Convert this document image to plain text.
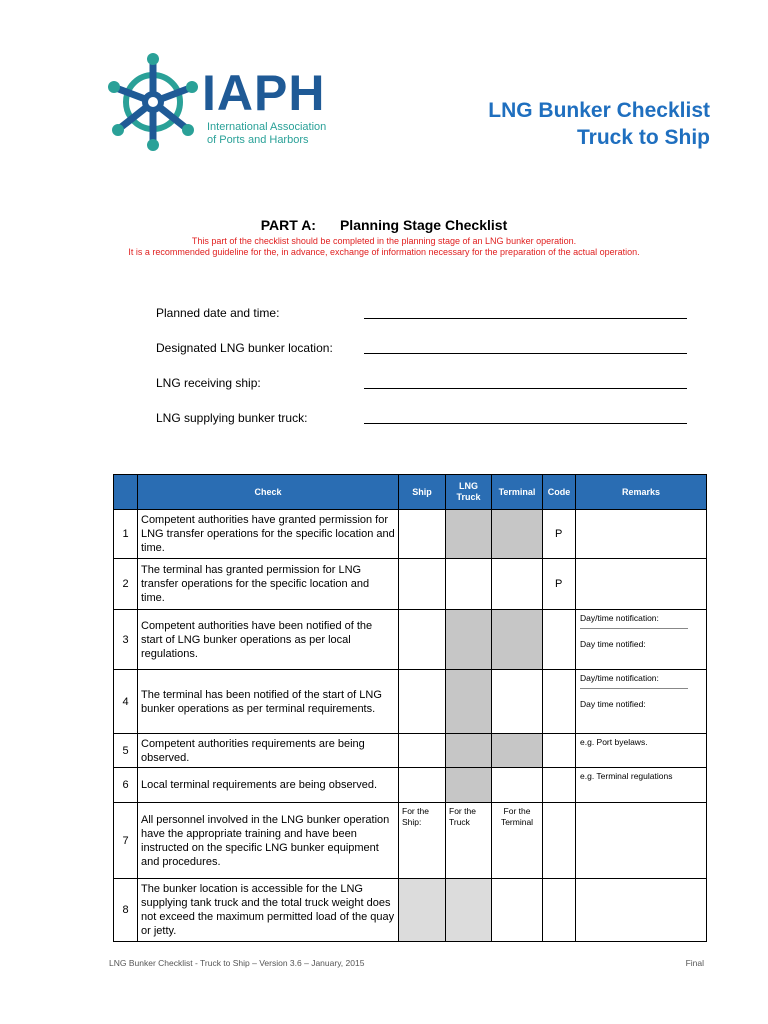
IAPH
International Association
of Ports and Harbors
LNG Bunker Checklist
Truck to Ship
PART A: Planning Stage Checklist
This part of the checklist should be completed in the planning stage of an LNG bunker operation.
It is a recommended guideline for the, in advance, exchange of information necessary for the preparation of the actual operation.
Planned date and time:
Designated LNG bunker location:
LNG receiving ship:
LNG supplying bunker truck:
	Check	Ship	LNG Truck	Terminal	Code	Remarks
1	Competent authorities have granted permission for LNG transfer operations for the specific location and time.				P	
2	The terminal has granted permission for LNG transfer operations for the specific location and time.				P	
3	Competent authorities have been notified of the start of LNG bunker operations as per local regulations.					Day/time notification:
Day time notified:

4	The terminal has been notified of the start of LNG bunker operations as per terminal requirements.					Day/time notification:
Day time notified:

5	Competent authorities requirements are being observed.					e.g. Port byelaws.
6	Local terminal requirements are being observed.					e.g. Terminal regulations
7	All personnel involved in the LNG bunker operation have the appropriate training and have been instructed on the specific LNG bunker equipment and procedures.	For the Ship:	For the Truck	For the Terminal		
8	The bunker location is accessible for the LNG supplying tank truck and the total truck weight does not exceed the maximum permitted load of the quay or jetty.					
LNG Bunker Checklist - Truck to Ship – Version 3.6 – January, 2015	Final
